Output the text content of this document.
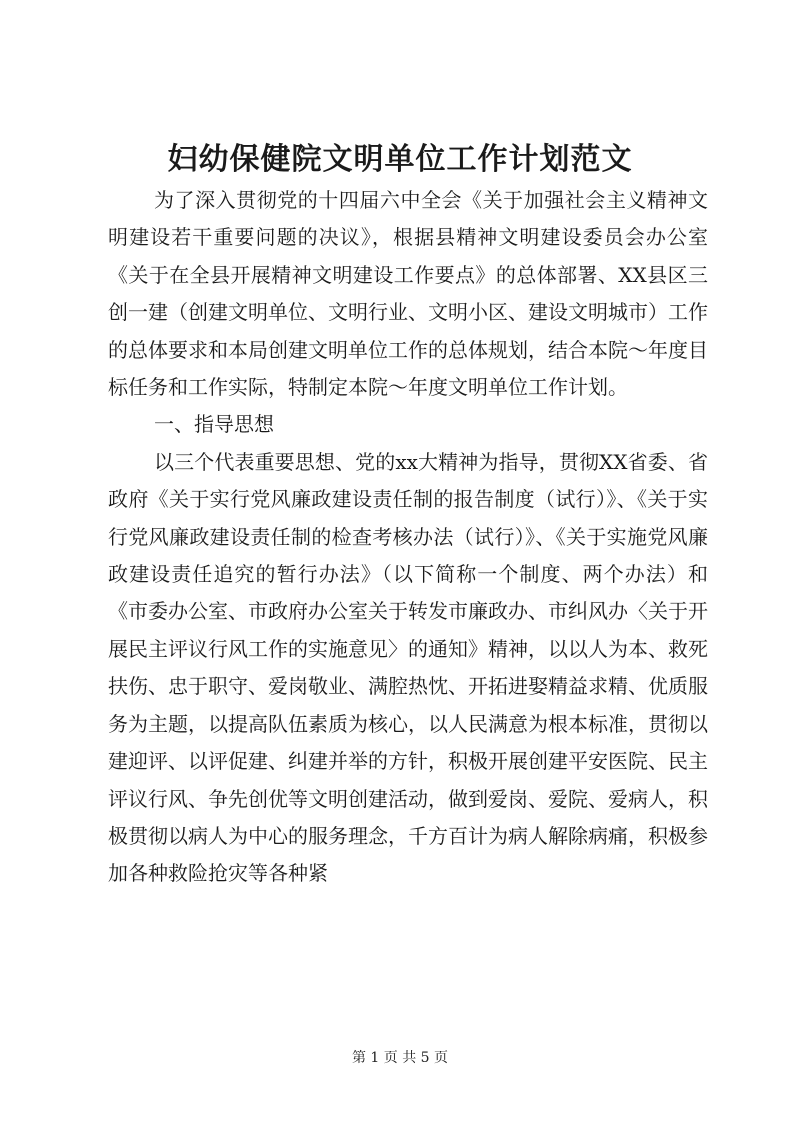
妇幼保健院文明单位工作计划范文

为了深入贯彻党的十四届六中全会《关于加强社会主义精神文明建设若干重要问题的决议》，根据县精神文明建设委员会办公室《关于在全县开展精神文明建设工作要点》的总体部署、XX县区三创一建（创建文明单位、文明行业、文明小区、建设文明城市）工作的总体要求和本局创建文明单位工作的总体规划，结合本院～年度目标任务和工作实际，特制定本院～年度文明单位工作计划。

一、指导思想

以三个代表重要思想、党的xx大精神为指导，贯彻XX省委、省政府《关于实行党风廉政建设责任制的报告制度（试行）》、《关于实行党风廉政建设责任制的检查考核办法（试行）》、《关于实施党风廉政建设责任追究的暂行办法》（以下简称一个制度、两个办法）和《市委办公室、市政府办公室关于转发市廉政办、市纠风办〈关于开展民主评议行风工作的实施意见〉的通知》精神，以以人为本、救死扶伤、忠于职守、爱岗敬业、满腔热忱、开拓进娶精益求精、优质服务为主题，以提高队伍素质为核心，以人民满意为根本标准，贯彻以建迎评、以评促建、纠建并举的方针，积极开展创建平安医院、民主评议行风、争先创优等文明创建活动，做到爱岗、爱院、爱病人，积极贯彻以病人为中心的服务理念，千方百计为病人解除病痛，积极参加各种救险抢灾等各种紧

第 1 页 共 5 页
